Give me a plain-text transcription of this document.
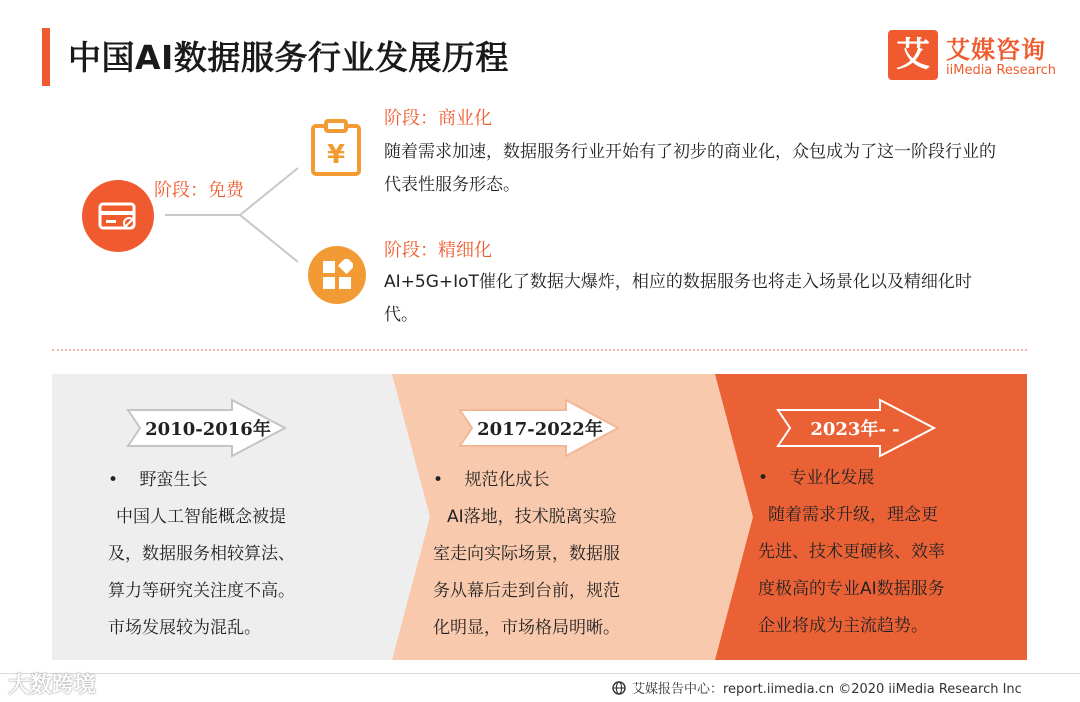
中国AI数据服务行业发展历程	艾 艾媒咨询
iiMedia Research
阶段：免费
¥
阶段：商业化
随着需求加速，数据服务行业开始有了初步的商业化，众包成为了这一阶段行业的代表性服务形态。
阶段：精细化
AI+5G+IoT催化了数据大爆炸，相应的数据服务也将走入场景化以及精细化时代。
2010-2016年	2017-2022年	2023年- -
• 野蛮生长
中国人工智能概念被提
及，数据服务相较算法、
算力等研究关注度不高。
市场发展较为混乱。
• 规范化成长
AI落地，技术脱离实验
室走向实际场景，数据服
务从幕后走到台前，规范
化明显，市场格局明晰。
• 专业化发展
随着需求升级，理念更
先进、技术更硬核、效率
度极高的专业AI数据服务
企业将成为主流趋势。
大数跨境	艾媒报告中心：report.iimedia.cn ©2020 iiMedia Research Inc
